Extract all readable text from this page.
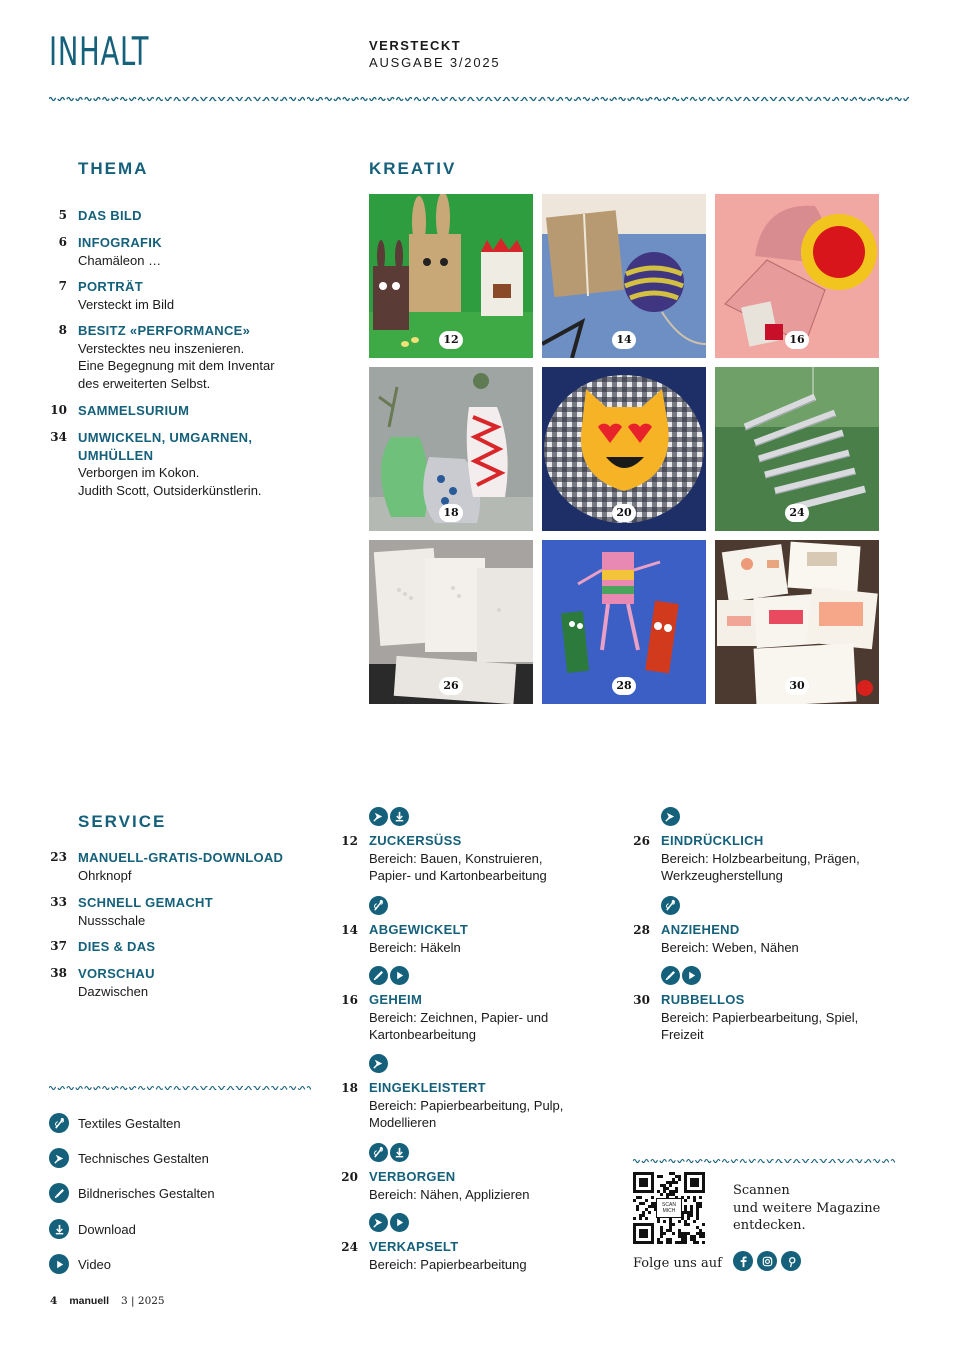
INHALT	VERSTECKT
AUSGABE 3/2025
THEMA
5 DAS BILD
6 INFOGRAFIK
Chamäleon …
7 PORTRÄT
Versteckt im Bild
8 BESITZ «PERFORMANCE»
Verstecktes neu inszenieren.
Eine Begegnung mit dem Inventar
des erweiterten Selbst.
10 SAMMELSURIUM
34 UMWICKELN, UMGARNEN,
UMHÜLLEN
Verborgen im Kokon.
Judith Scott, Outsiderkünstlerin.
KREATIV
12	14	16
18	20	24
26	28	30
SERVICE
23 MANUELL-GRATIS-DOWNLOAD
Ohrknopf
33 SCHNELL GEMACHT
Nussschale
37 DIES & DAS
38 VORSCHAU
Dazwischen
Textiles Gestalten
Technisches Gestalten
Bildnerisches Gestalten
Download
Video
12 ZUCKERSÜSS
Bereich: Bauen, Konstruieren,
Papier- und Kartonbearbeitung
14 ABGEWICKELT
Bereich: Häkeln
16 GEHEIM
Bereich: Zeichnen, Papier- und
Kartonbearbeitung
18 EINGEKLEISTERT
Bereich: Papierbearbeitung, Pulp,
Modellieren
20 VERBORGEN
Bereich: Nähen, Applizieren
24 VERKAPSELT
Bereich: Papierbearbeitung
26 EINDRÜCKLICH
Bereich: Holzbearbeitung, Prägen,
Werkzeugherstellung
28 ANZIEHEND
Bereich: Weben, Nähen
30 RUBBELLOS
Bereich: Papierbearbeitung, Spiel,
Freizeit
SCAN MICH
Scannen
und weitere Magazine
entdecken.
Folge uns auf
4 manuell 3 | 2025
